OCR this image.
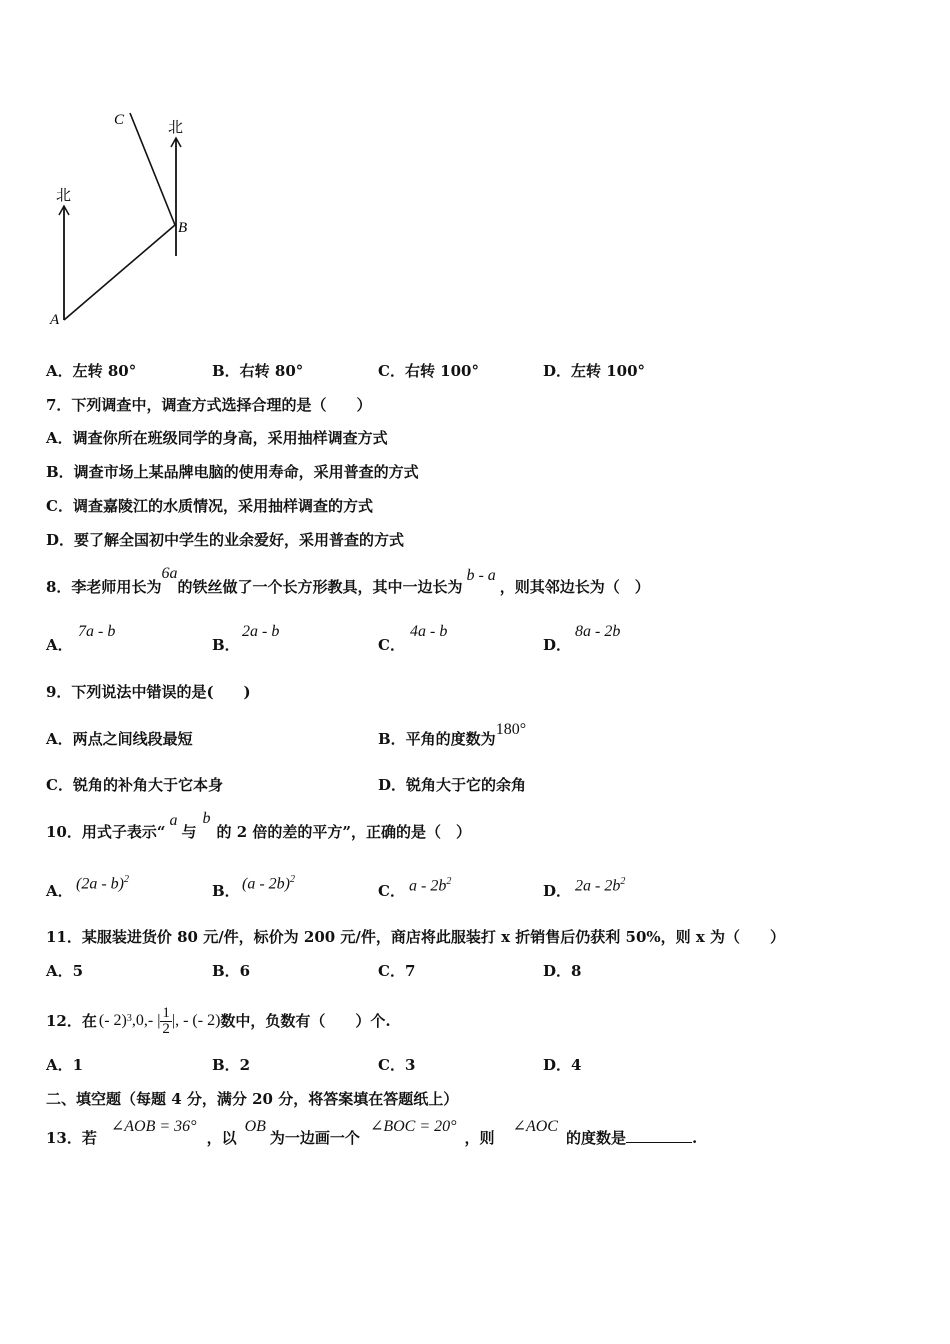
C
B
A
北
北
A．左转 80°	B．右转 80°	C．右转 100°	D．左转 100°
7．下列调查中，调查方式选择合理的是（　　）
A．调查你所在班级同学的身高，采用抽样调查方式
B．调查市场上某品牌电脑的使用寿命，采用普查的方式
C．调查嘉陵江的水质情况，采用抽样调查的方式
D．要了解全国初中学生的业余爱好，采用普查的方式
8．李老师用长为6a的铁丝做了一个长方形教具，其中一边长为b - a，则其邻边长为（　）
A．
7a - b
B．
2a - b
C．
4a - b
D．
8a - 2b
9．下列说法中错误的是(　　)
A．两点之间线段最短	B．平角的度数为180°
C．锐角的补角大于它本身	D．锐角大于它的余角
10．用式子表示“a与b的 2 倍的差的平方”，正确的是（　）
A． (2a - b)$^2$
B． (a - 2b)$^2$
C． a - $2b^2$
D． $2a - 2b^2$
11．某服装进货价 80 元/件，标价为 200 元/件，商店将此服装打 x 折销售后仍获利 50%，则 x 为（　　）
A．5	B．6	C．7	D．8
12．在 (- 2) 3 ,0,- | $\frac{1}{2}$ |, - (- 2) 数中，负数有（　　）个.
A．1	B．2	C．3	D．4
二、填空题（每题 4 分，满分 20 分，将答案填在答题纸上）
13．若∠AOB = 36°，以OB为一边画一个∠BOC = 20°，则∠AOC的度数是	.
